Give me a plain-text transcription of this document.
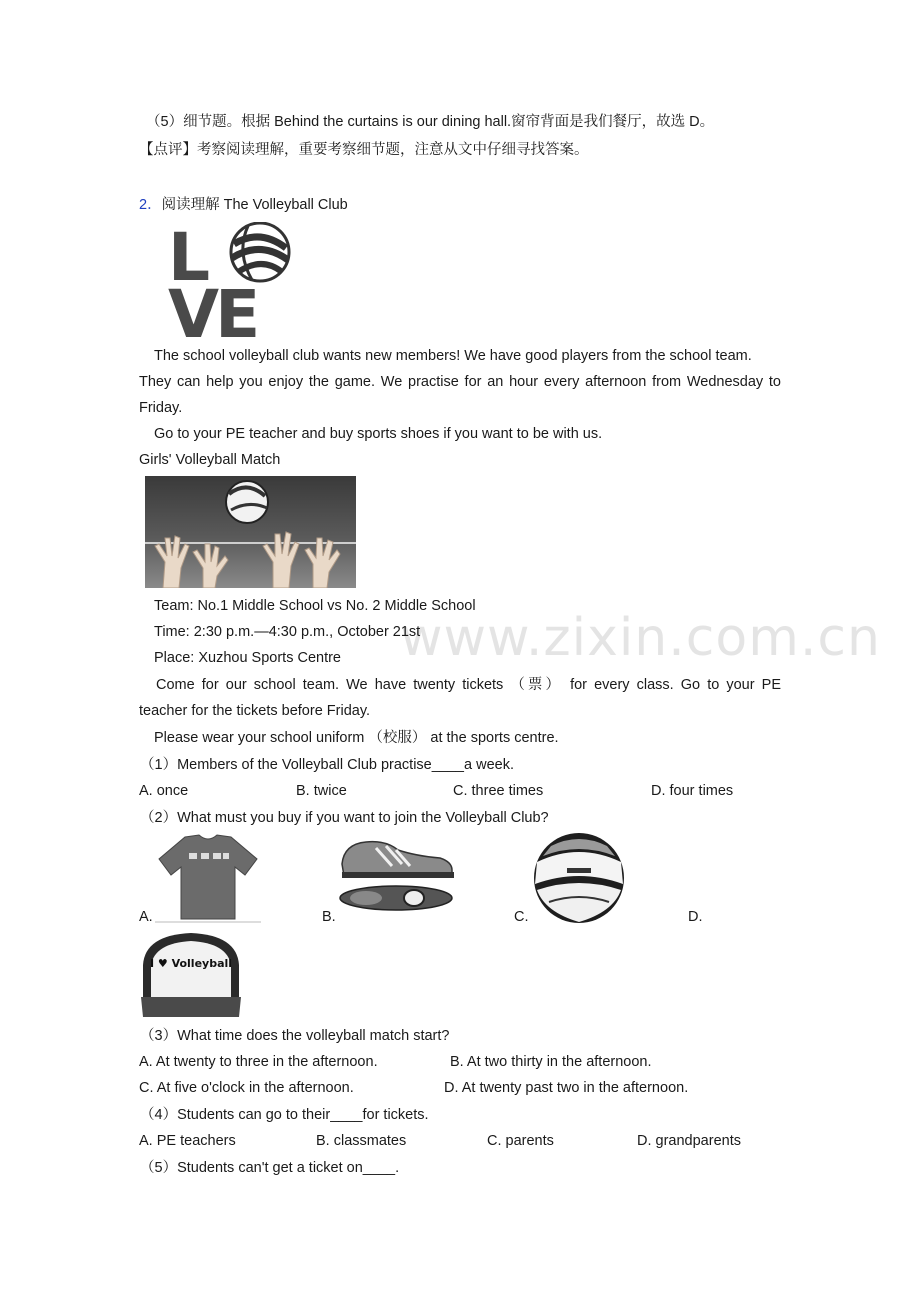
www.zixin.com.cn
（5）细节题。根据 Behind the curtains is our dining hall.窗帘背面是我们餐厅，故选 D。
【点评】考察阅读理解，重要考察细节题，注意从文中仔细寻找答案。
2．阅读理解 The Volleyball Club
L
VE
The school volleyball club wants new members! We have good players from the school team.
They can help you enjoy the game. We practise for an hour every afternoon from Wednesday to
Friday.
Go to your PE teacher and buy sports shoes if you want to be with us.
Girls' Volleyball Match
Team: No.1 Middle School vs No. 2 Middle School
Time: 2:30 p.m.—4:30 p.m., October 21st
Place: Xuzhou Sports Centre
Come for our school team. We have twenty tickets （票） for every class. Go to your PE
teacher for the tickets before Friday.
Please wear your school uniform （校服） at the sports centre.
（1）Members of the Volleyball Club practise____a week.
A. once	B. twice	C. three times	D. four times
（2）What must you buy if you want to join the Volleyball Club?
A.	B.	C.	D.
I ♥ Volleyball
（3）What time does the volleyball match start?
A. At twenty to three in the afternoon.	B. At two thirty in the afternoon.
C. At five o'clock in the afternoon.	D. At twenty past two in the afternoon.
（4）Students can go to their____for tickets.
A. PE teachers	B. classmates	C. parents	D. grandparents
（5）Students can't get a ticket on____.
